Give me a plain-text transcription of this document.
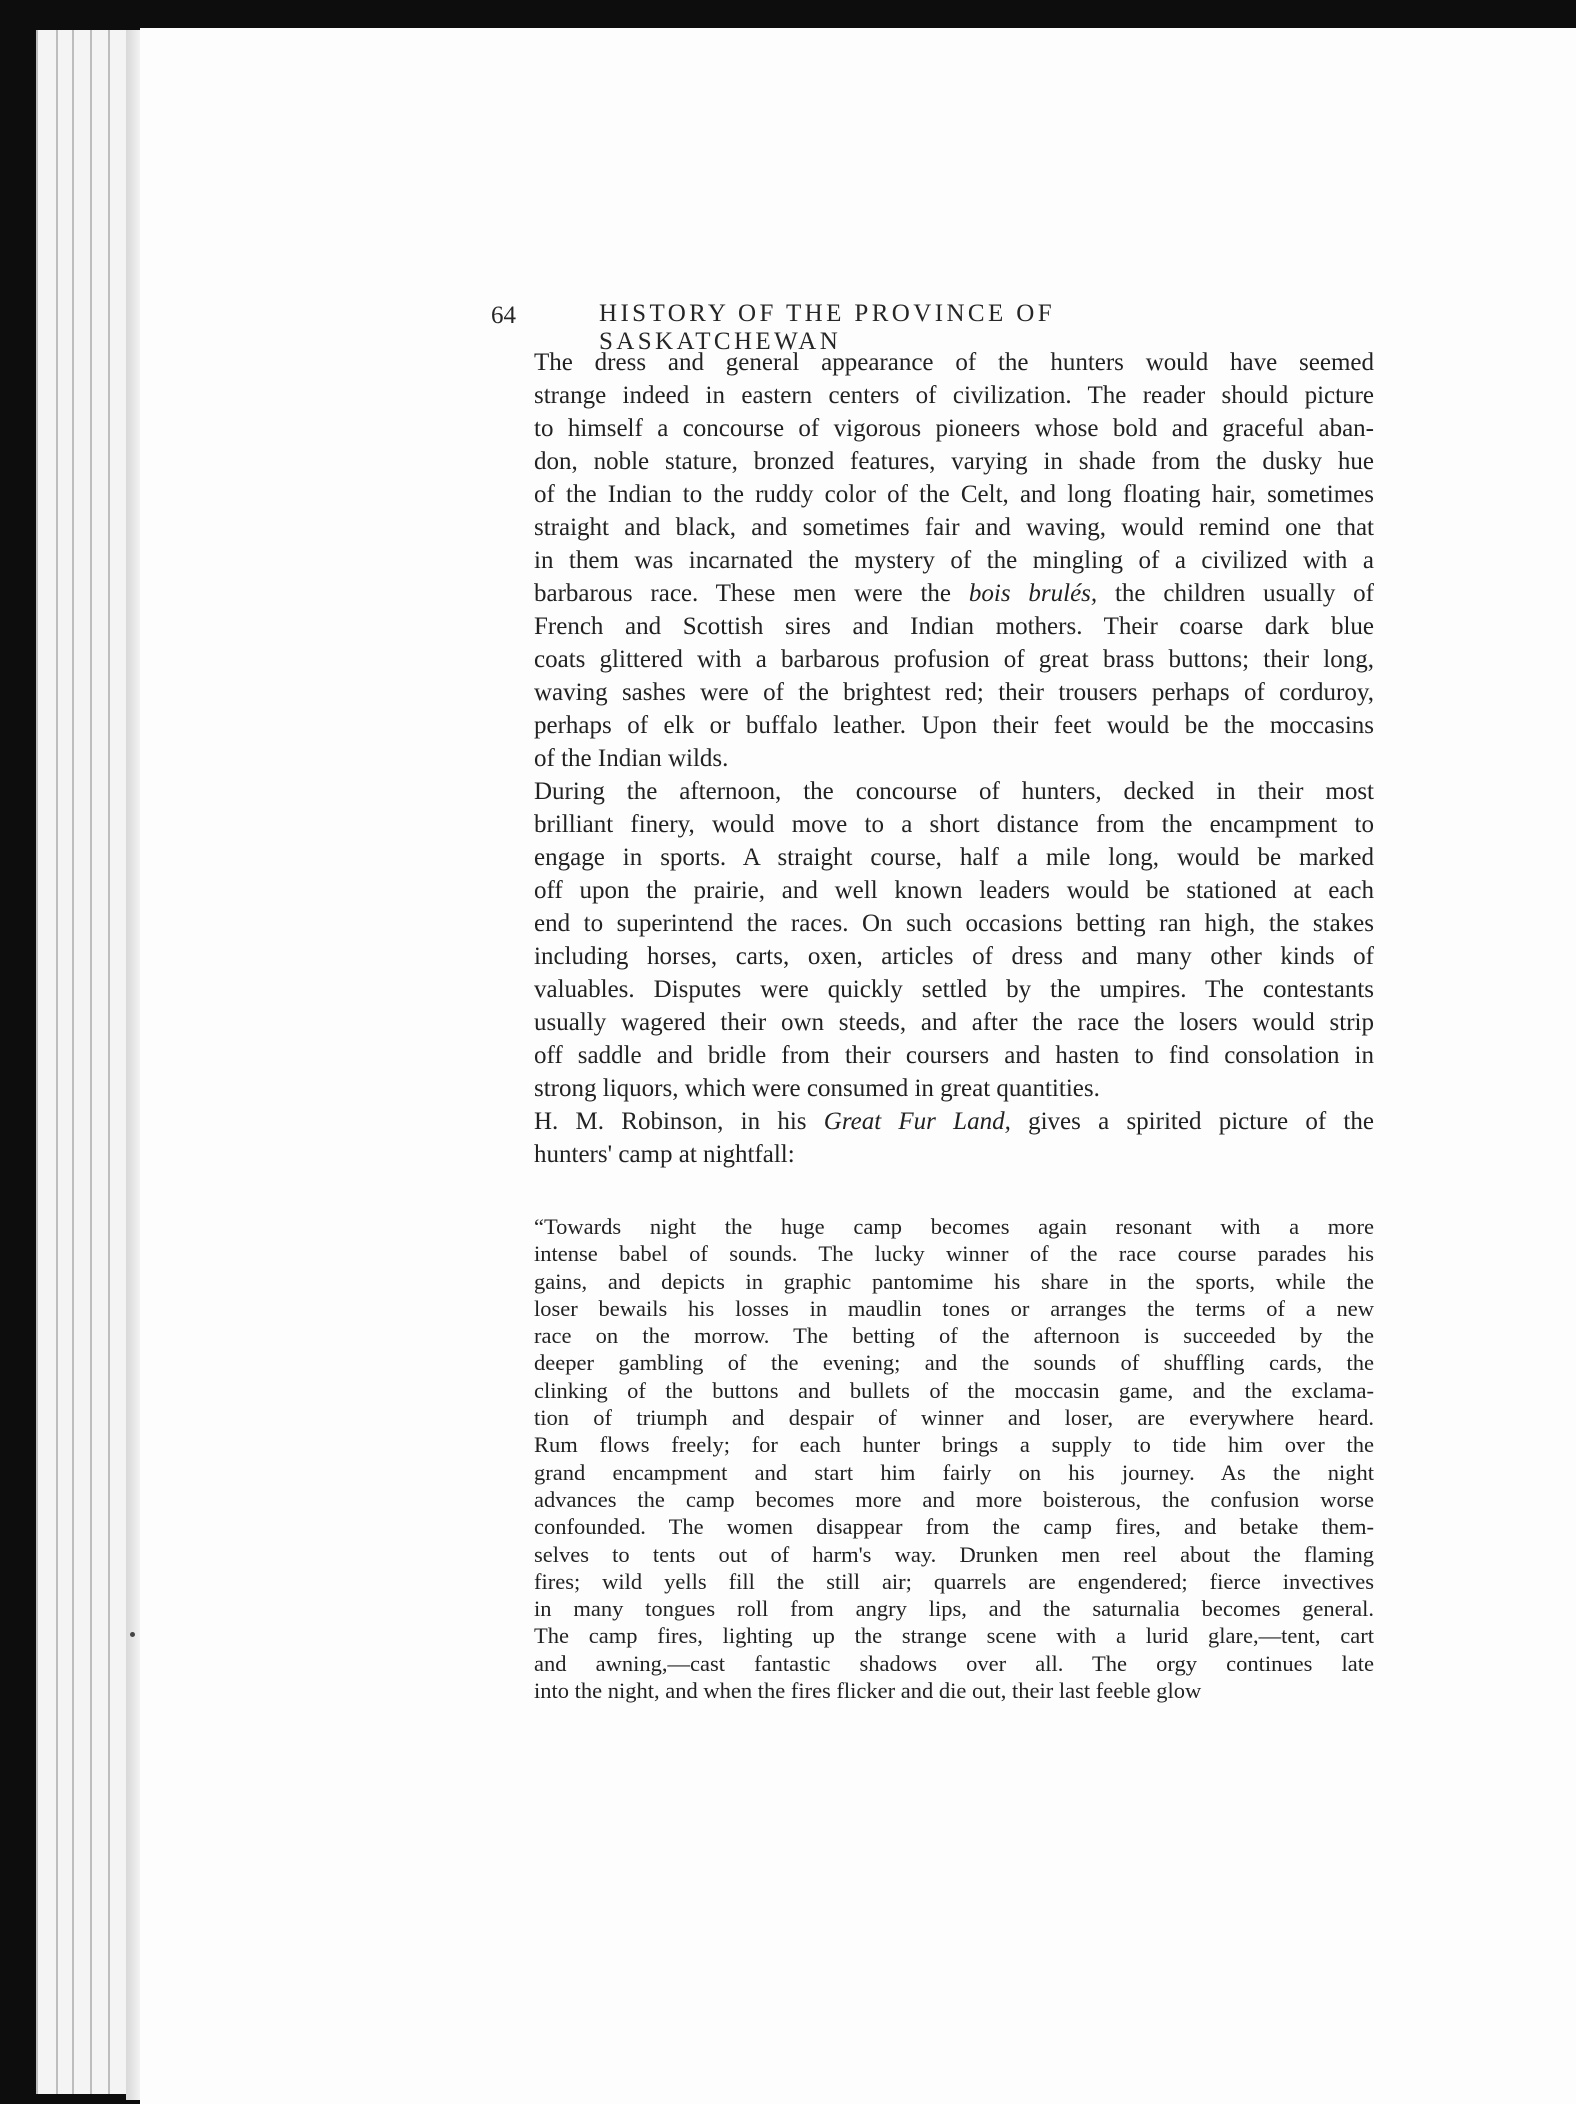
64	HISTORY OF THE PROVINCE OF SASKATCHEWAN

The dress and general appearance of the hunters would have seemed
strange indeed in eastern centers of civilization. The reader should picture
to himself a concourse of vigorous pioneers whose bold and graceful aban-
don, noble stature, bronzed features, varying in shade from the dusky hue
of the Indian to the ruddy color of the Celt, and long floating hair, sometimes
straight and black, and sometimes fair and waving, would remind one that
in them was incarnated the mystery of the mingling of a civilized with a
barbarous race. These men were the bois brulés, the children usually of
French and Scottish sires and Indian mothers. Their coarse dark blue
coats glittered with a barbarous profusion of great brass buttons; their long,
waving sashes were of the brightest red; their trousers perhaps of corduroy,
perhaps of elk or buffalo leather. Upon their feet would be the moccasins
of the Indian wilds.

During the afternoon, the concourse of hunters, decked in their most
brilliant finery, would move to a short distance from the encampment to
engage in sports. A straight course, half a mile long, would be marked
off upon the prairie, and well known leaders would be stationed at each
end to superintend the races. On such occasions betting ran high, the stakes
including horses, carts, oxen, articles of dress and many other kinds of
valuables. Disputes were quickly settled by the umpires. The contestants
usually wagered their own steeds, and after the race the losers would strip
off saddle and bridle from their coursers and hasten to find consolation in
strong liquors, which were consumed in great quantities.

H. M. Robinson, in his Great Fur Land, gives a spirited picture of the
hunters' camp at nightfall:

“Towards night the huge camp becomes again resonant with a more
intense babel of sounds. The lucky winner of the race course parades his
gains, and depicts in graphic pantomime his share in the sports, while the
loser bewails his losses in maudlin tones or arranges the terms of a new
race on the morrow. The betting of the afternoon is succeeded by the
deeper gambling of the evening; and the sounds of shuffling cards, the
clinking of the buttons and bullets of the moccasin game, and the exclama-
tion of triumph and despair of winner and loser, are everywhere heard.
Rum flows freely; for each hunter brings a supply to tide him over the
grand encampment and start him fairly on his journey. As the night
advances the camp becomes more and more boisterous, the confusion worse
confounded. The women disappear from the camp fires, and betake them-
selves to tents out of harm's way. Drunken men reel about the flaming
fires; wild yells fill the still air; quarrels are engendered; fierce invectives
in many tongues roll from angry lips, and the saturnalia becomes general.
The camp fires, lighting up the strange scene with a lurid glare,—tent, cart
and awning,—cast fantastic shadows over all. The orgy continues late
into the night, and when the fires flicker and die out, their last feeble glow
